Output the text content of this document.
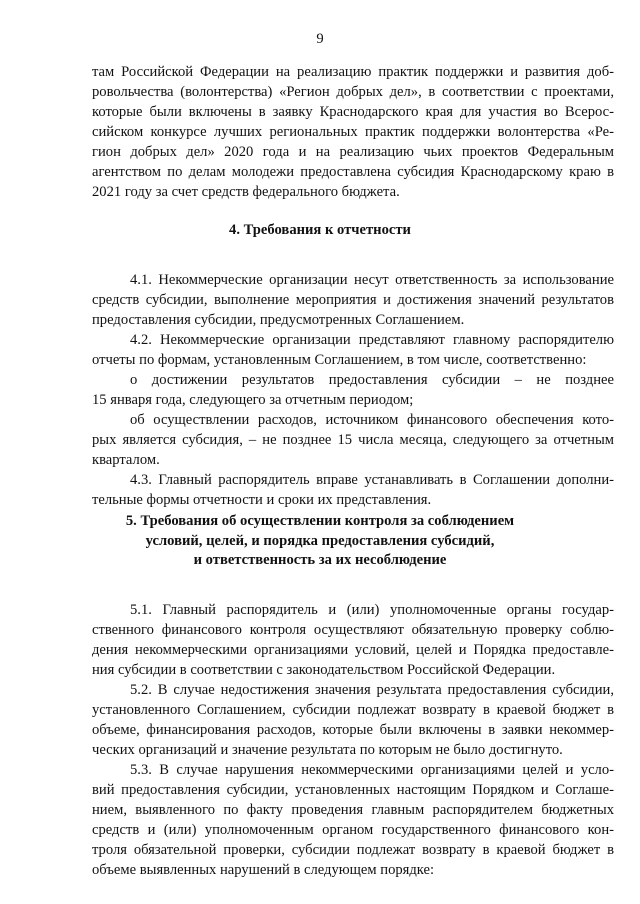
9
там Российской Федерации на реализацию практик поддержки и развития доб-
ровольчества (волонтерства) «Регион добрых дел», в соответствии с проектами,
которые были включены в заявку Краснодарского края для участия во Всерос-
сийском конкурсе лучших региональных практик поддержки волонтерства «Ре-
гион добрых дел» 2020 года и на реализацию чьих проектов Федеральным
агентством по делам молодежи предоставлена субсидия Краснодарскому краю в
2021 году за счет средств федерального бюджета.
4. Требования к отчетности
4.1. Некоммерческие организации несут ответственность за использование
средств субсидии, выполнение мероприятия и достижения значений результатов
предоставления субсидии, предусмотренных Соглашением.
4.2. Некоммерческие организации представляют главному распорядителю
отчеты по формам, установленным Соглашением, в том числе, соответственно:
о достижении результатов предоставления субсидии – не позднее
15 января года, следующего за отчетным периодом;
об осуществлении расходов, источником финансового обеспечения кото-
рых является субсидия, – не позднее 15 числа месяца, следующего за отчетным
кварталом.
4.3. Главный распорядитель вправе устанавливать в Соглашении дополни-
тельные формы отчетности и сроки их представления.
5. Требования об осуществлении контроля за соблюдением
условий, целей, и порядка предоставления субсидий,
и ответственность за их несоблюдение
5.1. Главный распорядитель и (или) уполномоченные органы государ-
ственного финансового контроля осуществляют обязательную проверку соблю-
дения некоммерческими организациями условий, целей и Порядка предоставле-
ния субсидии в соответствии с законодательством Российской Федерации.
5.2. В случае недостижения значения результата предоставления субсидии,
установленного Соглашением, субсидии подлежат возврату в краевой бюджет в
объеме, финансирования расходов, которые были включены в заявки некоммер-
ческих организаций и значение результата по которым не было достигнуто.
5.3. В случае нарушения некоммерческими организациями целей и усло-
вий предоставления субсидии, установленных настоящим Порядком и Соглаше-
нием, выявленного по факту проведения главным распорядителем бюджетных
средств и (или) уполномоченным органом государственного финансового кон-
троля обязательной проверки, субсидии подлежат возврату в краевой бюджет в
объеме выявленных нарушений в следующем порядке:
